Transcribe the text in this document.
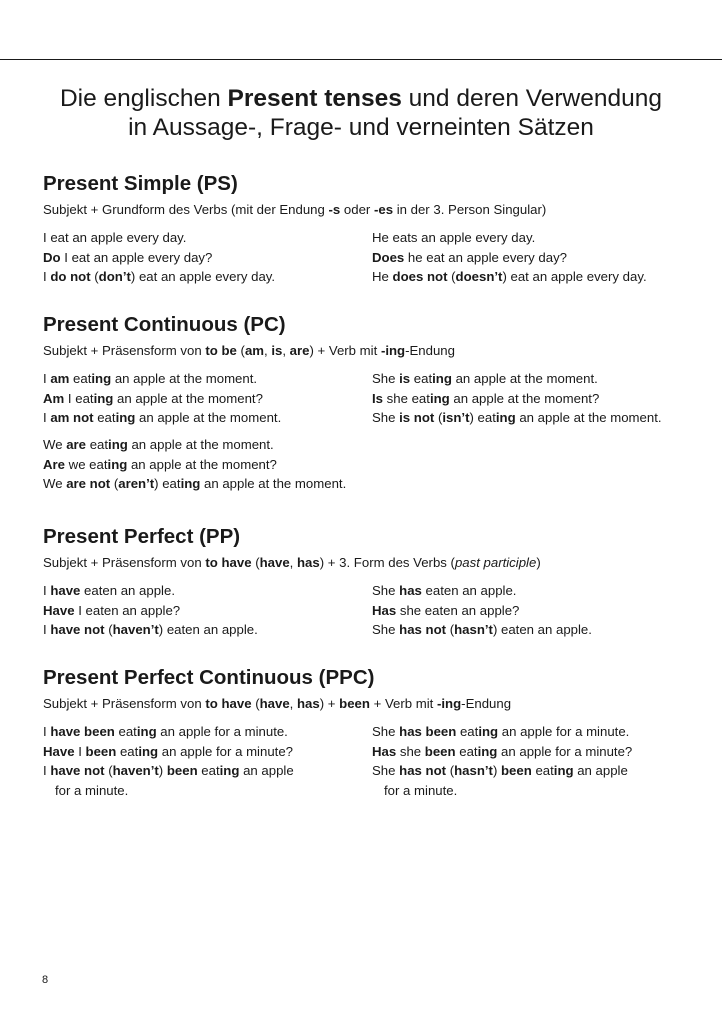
Die englischen Present tenses und deren Verwendung
in Aussage-, Frage- und verneinten Sätzen
Present Simple (PS)
Subjekt + Grundform des Verbs (mit der Endung -s oder -es in der 3. Person Singular)
I eat an apple every day.
Do I eat an apple every day?
I do not (don’t) eat an apple every day.
He eats an apple every day.
Does he eat an apple every day?
He does not (doesn’t) eat an apple every day.
Present Continuous (PC)
Subjekt + Präsensform von to be (am, is, are) + Verb mit -ing-Endung
I am eating an apple at the moment.
Am I eating an apple at the moment?
I am not eating an apple at the moment.
She is eating an apple at the moment.
Is she eating an apple at the moment?
She is not (isn’t) eating an apple at the moment.
We are eating an apple at the moment.
Are we eating an apple at the moment?
We are not (aren’t) eating an apple at the moment.
Present Perfect (PP)
Subjekt + Präsensform von to have (have, has) + 3. Form des Verbs (past participle)
I have eaten an apple.
Have I eaten an apple?
I have not (haven’t) eaten an apple.
She has eaten an apple.
Has she eaten an apple?
She has not (hasn’t) eaten an apple.
Present Perfect Continuous (PPC)
Subjekt + Präsensform von to have (have, has) + been + Verb mit -ing-Endung
I have been eating an apple for a minute.
Have I been eating an apple for a minute?
I have not (haven’t) been eating an apple
for a minute.
She has been eating an apple for a minute.
Has she been eating an apple for a minute?
She has not (hasn’t) been eating an apple
for a minute.
8
